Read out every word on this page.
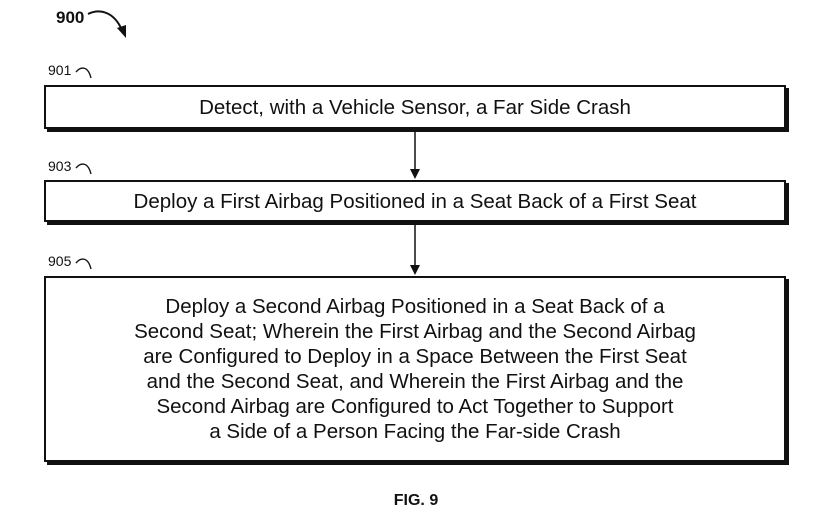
900
901
Detect, with a Vehicle Sensor, a Far Side Crash
903
Deploy a First Airbag Positioned in a Seat Back of a First Seat
905
Deploy a Second Airbag Positioned in a Seat Back of a
Second Seat; Wherein the First Airbag and the Second Airbag
are Configured to Deploy in a Space Between the First Seat
and the Second Seat, and Wherein the First Airbag and the
Second Airbag are Configured to Act Together to Support
a Side of a Person Facing the Far-side Crash
FIG. 9
